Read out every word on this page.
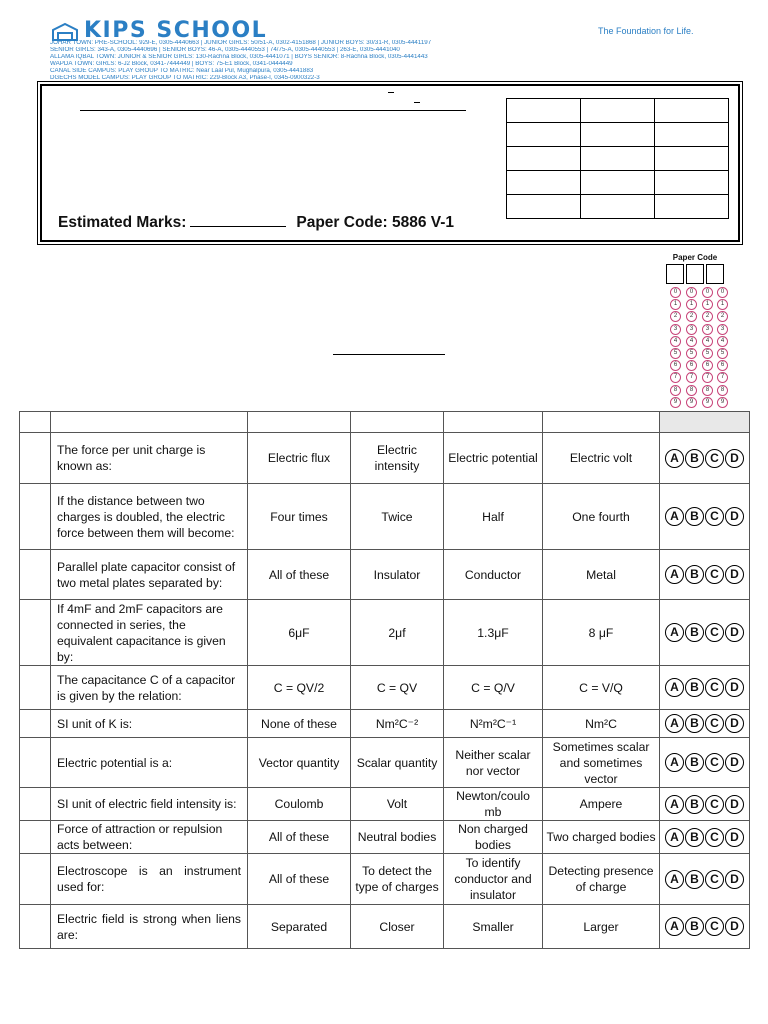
KIPS SCHOOL	The Foundation for Life.
JOHAR TOWN: PRE-SCHOOL: 929-E, 0305-4440663 | JUNIOR GIRLS: 50/51-A, 0302-4151868 | JUNIOR BOYS: 30/31-R, 0305-4441197
SENIOR GIRLS: 343-A, 0305-4440696 | SENIOR BOYS: 46-A, 0305-4440553 | 74/75-A, 0305-4440553 | 263-E, 0305-4441040
ALLAMA IQBAL TOWN: JUNIOR & SENIOR GIRLS: 130-Rachna Block, 0305-4441071 | BOYS SENIOR: 8-Rachna Block, 0305-4441443
WAPDA TOWN: GIRLS: 6-J2 Block, 0341-7444449 | BOYS: 75-E1 Block, 0341-0444449
CANAL SIDE CAMPUS: PLAY GROUP TO MATRIC: Near Laal Pul, Mughalpura, 0305-4441883
DGECHS MODEL CAMPUS: PLAY GROUP TO MATRIC: 229-Block A3, Phase-I, 0345-0900322-3

Estimated Marks:	Paper Code: 5886 V-1
Paper Code
0	0	0	0
1	1	1	1
2	2	2	2
3	3	3	3
4	4	4	4
5	5	5	5
6	6	6	6
7	7	7	7
8	8	8	8
9	9	9	9

	The force per unit charge is known as:	Electric flux	Electric intensity	Electric potential	Electric volt	A B C D

	If the distance between two charges is doubled, the electric force between them will become:	Four times	Twice	Half	One fourth	A B C D

	Parallel plate capacitor consist of two metal plates separated by:	All of these	Insulator	Conductor	Metal	A B C D

	If 4mF and 2mF capacitors are connected in series, the equivalent capacitance is given by:	6μF	2μf	1.3μF	8 μF	A B C D

	The capacitance C of a capacitor is given by the relation:	C = QV/2	C = QV	C = Q/V	C = V/Q	A B C D

	SI unit of K is:	None of these	Nm²C⁻²	N²m²C⁻¹	Nm²C	A B C D

	Electric potential is a:	Vector quantity	Scalar quantity	Neither scalar nor vector	Sometimes scalar and sometimes vector	A B C D

	SI unit of electric field intensity is:	Coulomb	Volt	Newton/coulo mb	Ampere	A B C D

	Force of attraction or repulsion acts between:	All of these	Neutral bodies	Non charged bodies	Two charged bodies	A B C D

	Electroscope is an instrument used for:	All of these	To detect the type of charges	To identify conductor and insulator	Detecting presence of charge	A B C D

	Electric field is strong when liens are:	Separated	Closer	Smaller	Larger	A B C D
